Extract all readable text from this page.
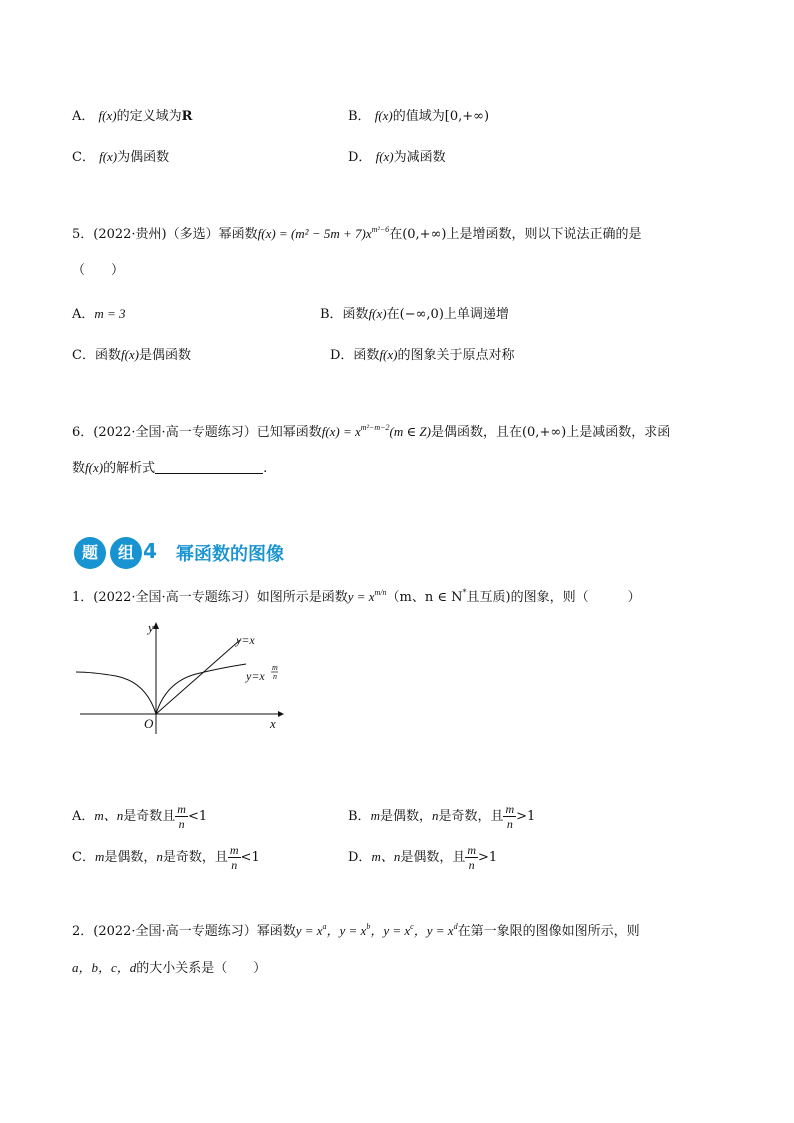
A． f(x)的定义域为R	B． f(x)的值域为[0,+∞)
C． f(x)为偶函数	D． f(x)为减函数
5．(2022·贵州)（多选）幂函数$f(x) = (m^2 - 5m + 7)x^{m^2-6}$在(0,+∞)上是增函数，则以下说法正确的是
（　　）
A．m = 3	B．函数f(x)在(−∞,0)上单调递增
C．函数f(x)是偶函数	D．函数f(x)的图象关于原点对称
6．(2022·全国·高一专题练习）已知幂函数$f(x) = x^{m^2-m-2}(m$ ∈ Z)是偶函数，且在(0,+∞)上是减函数，求函
数f(x)的解析式	.
题	组 4 幂函数的图像
1．(2022·全国·高一专题练习）如图所示是函数$y = x^{m/n}(m$、n ∈ N*且互质)的图象，则（　　　）
y
x
O
y=x
y=x
m
n
A．m、n是奇数且 $\frac{m}{n} <1$	B．m是偶数，n是奇数，且 $\frac{m}{n} >1$
C．m是偶数，n是奇数，且 $\frac{m}{n} <1$	D．m、n是偶数，且 $\frac{m}{n} >1$
2．(2022·全国·高一专题练习）幂函数$y = x^a$，$y = x^b$，$y = x^c$，$y = x^d$在第一象限的图像如图所示，则
a，b，c，d的大小关系是（　　）
